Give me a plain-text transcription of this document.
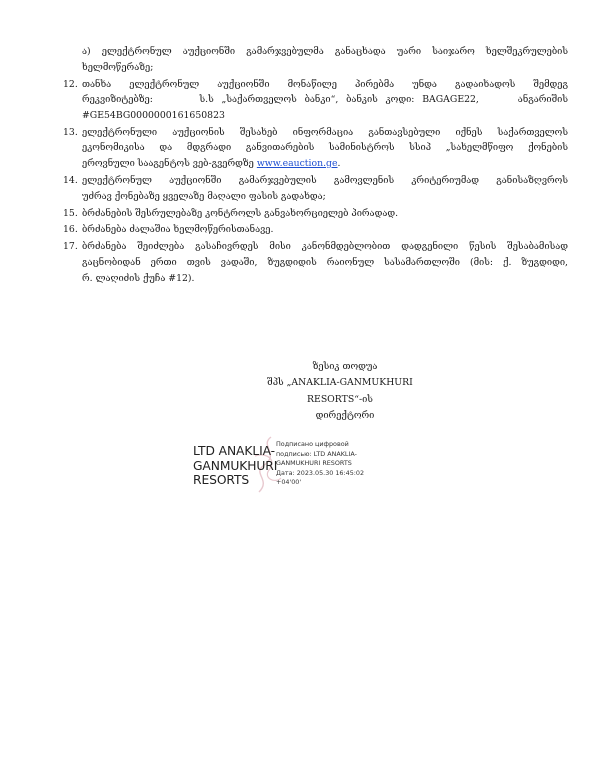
ა) ელექტრონულ აუქციონში გამარჯვებულმა განაცხადა უარი საიჯარო ხელშეკრულების
ხელმოწერაზე;
12. თანხა ელექტრონულ აუქციონში მონაწილე პირებმა უნდა გადაიხადოს შემდეგ
რეკვიზიტებზე:      ს.ს „საქართველოს ბანკი“, ბანკის კოდი: BAGAGE22,     ანგარიშის
#GE54BG0000000161650823
13. ელექტრონული აუქციონის შესახებ ინფორმაცია განთავსებული იქნეს საქართველოს
ეკონომიკისა და მდგრადი განვითარების სამინისტროს სსიპ „სახელმწიფო ქონების
ეროვნული სააგენტოს ვებ-გვერდზე www.eauction.ge.
14. ელექტრონულ აუქციონში გამარჯვებულის გამოვლენის კრიტერიუმად განისაზღვროს
უძრავ ქონებაზე ყველაზე მაღალი ფასის გადახდა;
15. ბრძანების შესრულებაზე კონტროლს განვახორციელებ პირადად.
16. ბრძანება ძალაშია ხელმოწერისთანავე.
17. ბრძანება შეიძლება გასაჩივრდეს მისი კანონმდებლობით დადგენილი წესის შესაბამისად
გაცნობიდან ერთი თვის ვადაში, ზუგდიდის რაიონულ სასამართლოში (მის: ქ. ზუგდიდი,
რ. ლაღიძის ქუჩა #12).
ზესიკ თოდუა
შპს „ANAKLIA-GANMUKHURI RESORTS“-ის
დირექტორი
LTD ANAKLIA-
GANMUKHURI
RESORTS
Подписано цифровой
подписью: LTD ANAKLIA-
GANMUKHURI RESORTS
Дата: 2023.05.30 16:45:02
+04'00'
